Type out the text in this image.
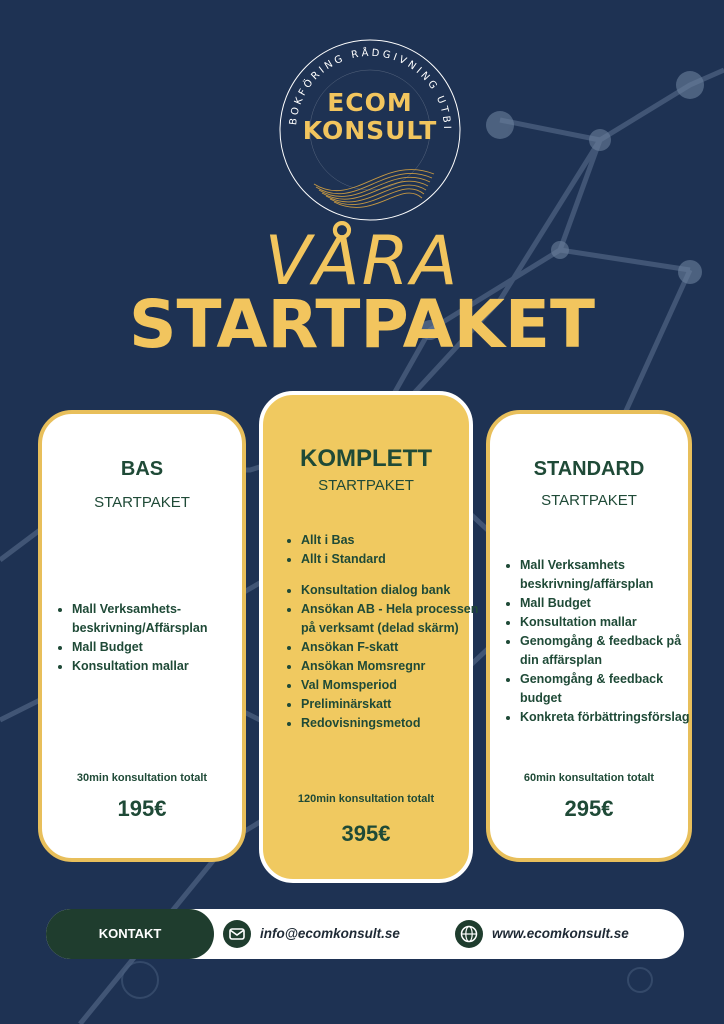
BOKFÖRING RÅDGIVNING UTBI
ECOM
KONSULT
VÅRA
STARTPAKET
BAS
STARTPAKET
• Mall Verksamhets-beskrivning/Affärsplan
• Mall Budget
• Konsultation mallar
30min konsultation totalt
195€
KOMPLETT
STARTPAKET
• Allt i Bas
• Allt i Standard
• Konsultation dialog bank
• Ansökan AB - Hela processen på verksamt (delad skärm)
• Ansökan F-skatt
• Ansökan Momsregnr
• Val Momsperiod
• Preliminärskatt
• Redovisningsmetod
120min konsultation totalt
395€
STANDARD
STARTPAKET
• Mall Verksamhets beskrivning/affärsplan
• Mall Budget
• Konsultation mallar
• Genomgång & feedback på din affärsplan
• Genomgång & feedback budget
• Konkreta förbättringsförslag
60min konsultation totalt
295€
KONTAKT	info@ecomkonsult.se	www.ecomkonsult.se
